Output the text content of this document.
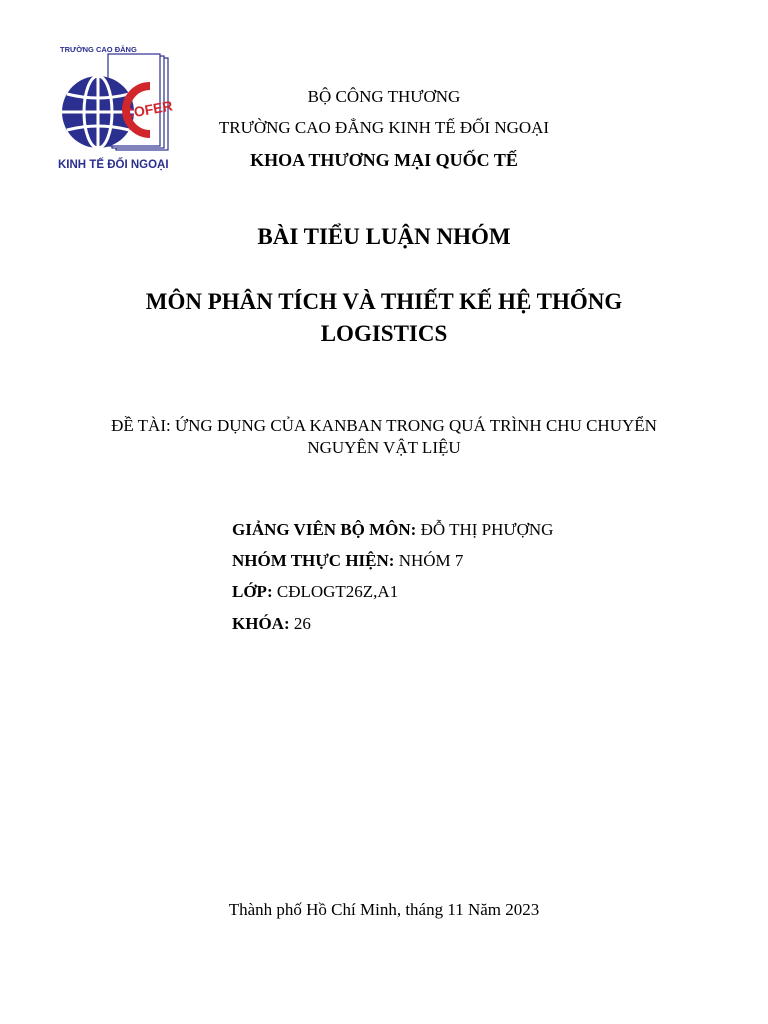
TRƯỜNG CAO ĐẲNG
COFER
KINH TẾ ĐỐI NGOẠI
BỘ CÔNG THƯƠNG
TRƯỜNG CAO ĐẲNG KINH TẾ ĐỐI NGOẠI
KHOA THƯƠNG MẠI QUỐC TẾ
BÀI TIỂU LUẬN NHÓM
MÔN PHÂN TÍCH VÀ THIẾT KẾ HỆ THỐNG
LOGISTICS
ĐỀ TÀI: ỨNG DỤNG CỦA KANBAN TRONG QUÁ TRÌNH CHU CHUYỂN
NGUYÊN VẬT LIỆU
GIẢNG VIÊN BỘ MÔN: ĐỖ THỊ PHƯỢNG
NHÓM THỰC HIỆN: NHÓM 7
LỚP: CĐLOGT26Z,A1
KHÓA: 26
Thành phố Hồ Chí Minh, tháng 11 Năm 2023
